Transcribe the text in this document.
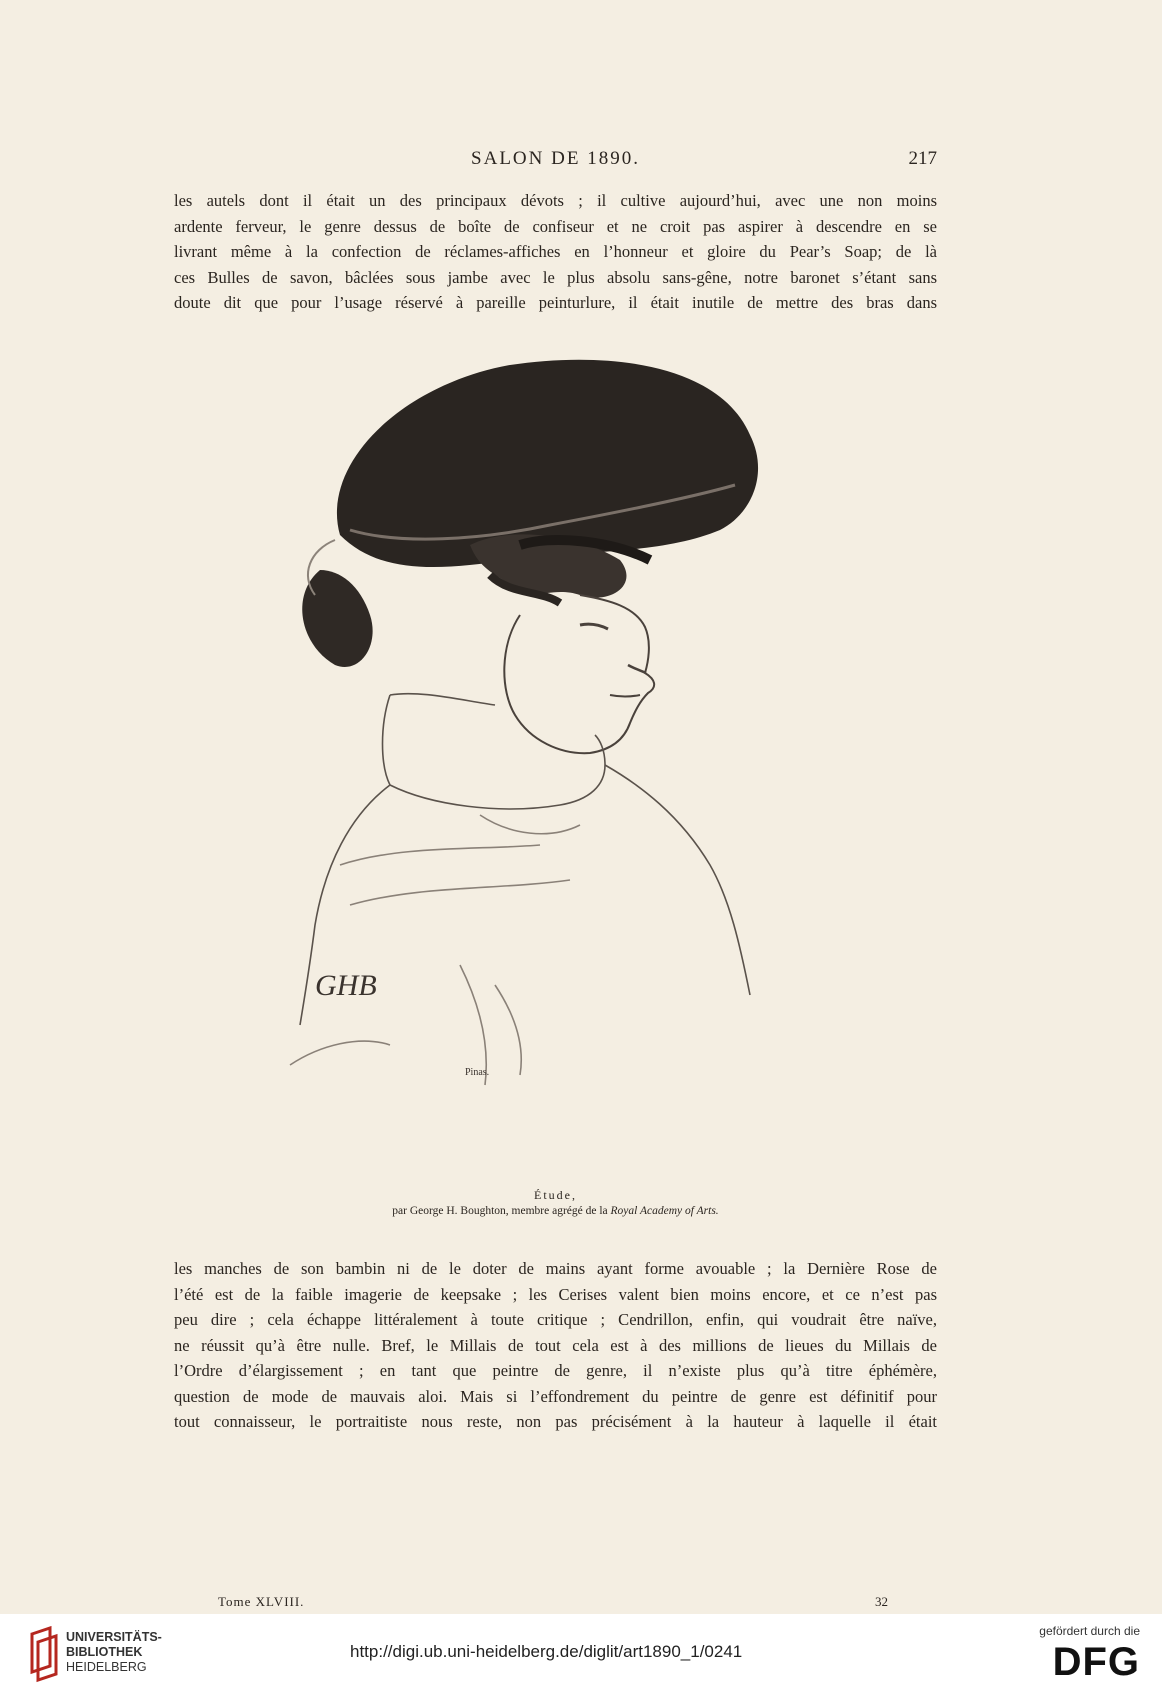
SALON DE 1890.	217
les autels dont il était un des principaux dévots ; il cultive aujourd’hui, avec une non moins
ardente ferveur, le genre dessus de boîte de confiseur et ne croit pas aspirer à descendre en se
livrant même à la confection de réclames-affiches en l’honneur et gloire du Pear’s Soap; de là
ces Bulles de savon, bâclées sous jambe avec le plus absolu sans-gêne, notre baronet s’étant sans
doute dit que pour l’usage réservé à pareille peinturlure, il était inutile de mettre des bras dans
GHB
Pinas.
Étude,
par George H. Boughton, membre agrégé de la Royal Academy of Arts.
les manches de son bambin ni de le doter de mains ayant forme avouable ; la Dernière Rose de
l’été est de la faible imagerie de keepsake ; les Cerises valent bien moins encore, et ce n’est pas
peu dire ; cela échappe littéralement à toute critique ; Cendrillon, enfin, qui voudrait être naïve,
ne réussit qu’à être nulle. Bref, le Millais de tout cela est à des millions de lieues du Millais de
l’Ordre d’élargissement ; en tant que peintre de genre, il n’existe plus qu’à titre éphémère,
question de mode de mauvais aloi. Mais si l’effondrement du peintre de genre est définitif pour
tout connaisseur, le portraitiste nous reste, non pas précisément à la hauteur à laquelle il était
Tome XLVIII.	32
UNIVERSITÄTS-
BIBLIOTHEK
HEIDELBERG
http://digi.ub.uni-heidelberg.de/diglit/art1890_1/0241
gefördert durch die
DFG
